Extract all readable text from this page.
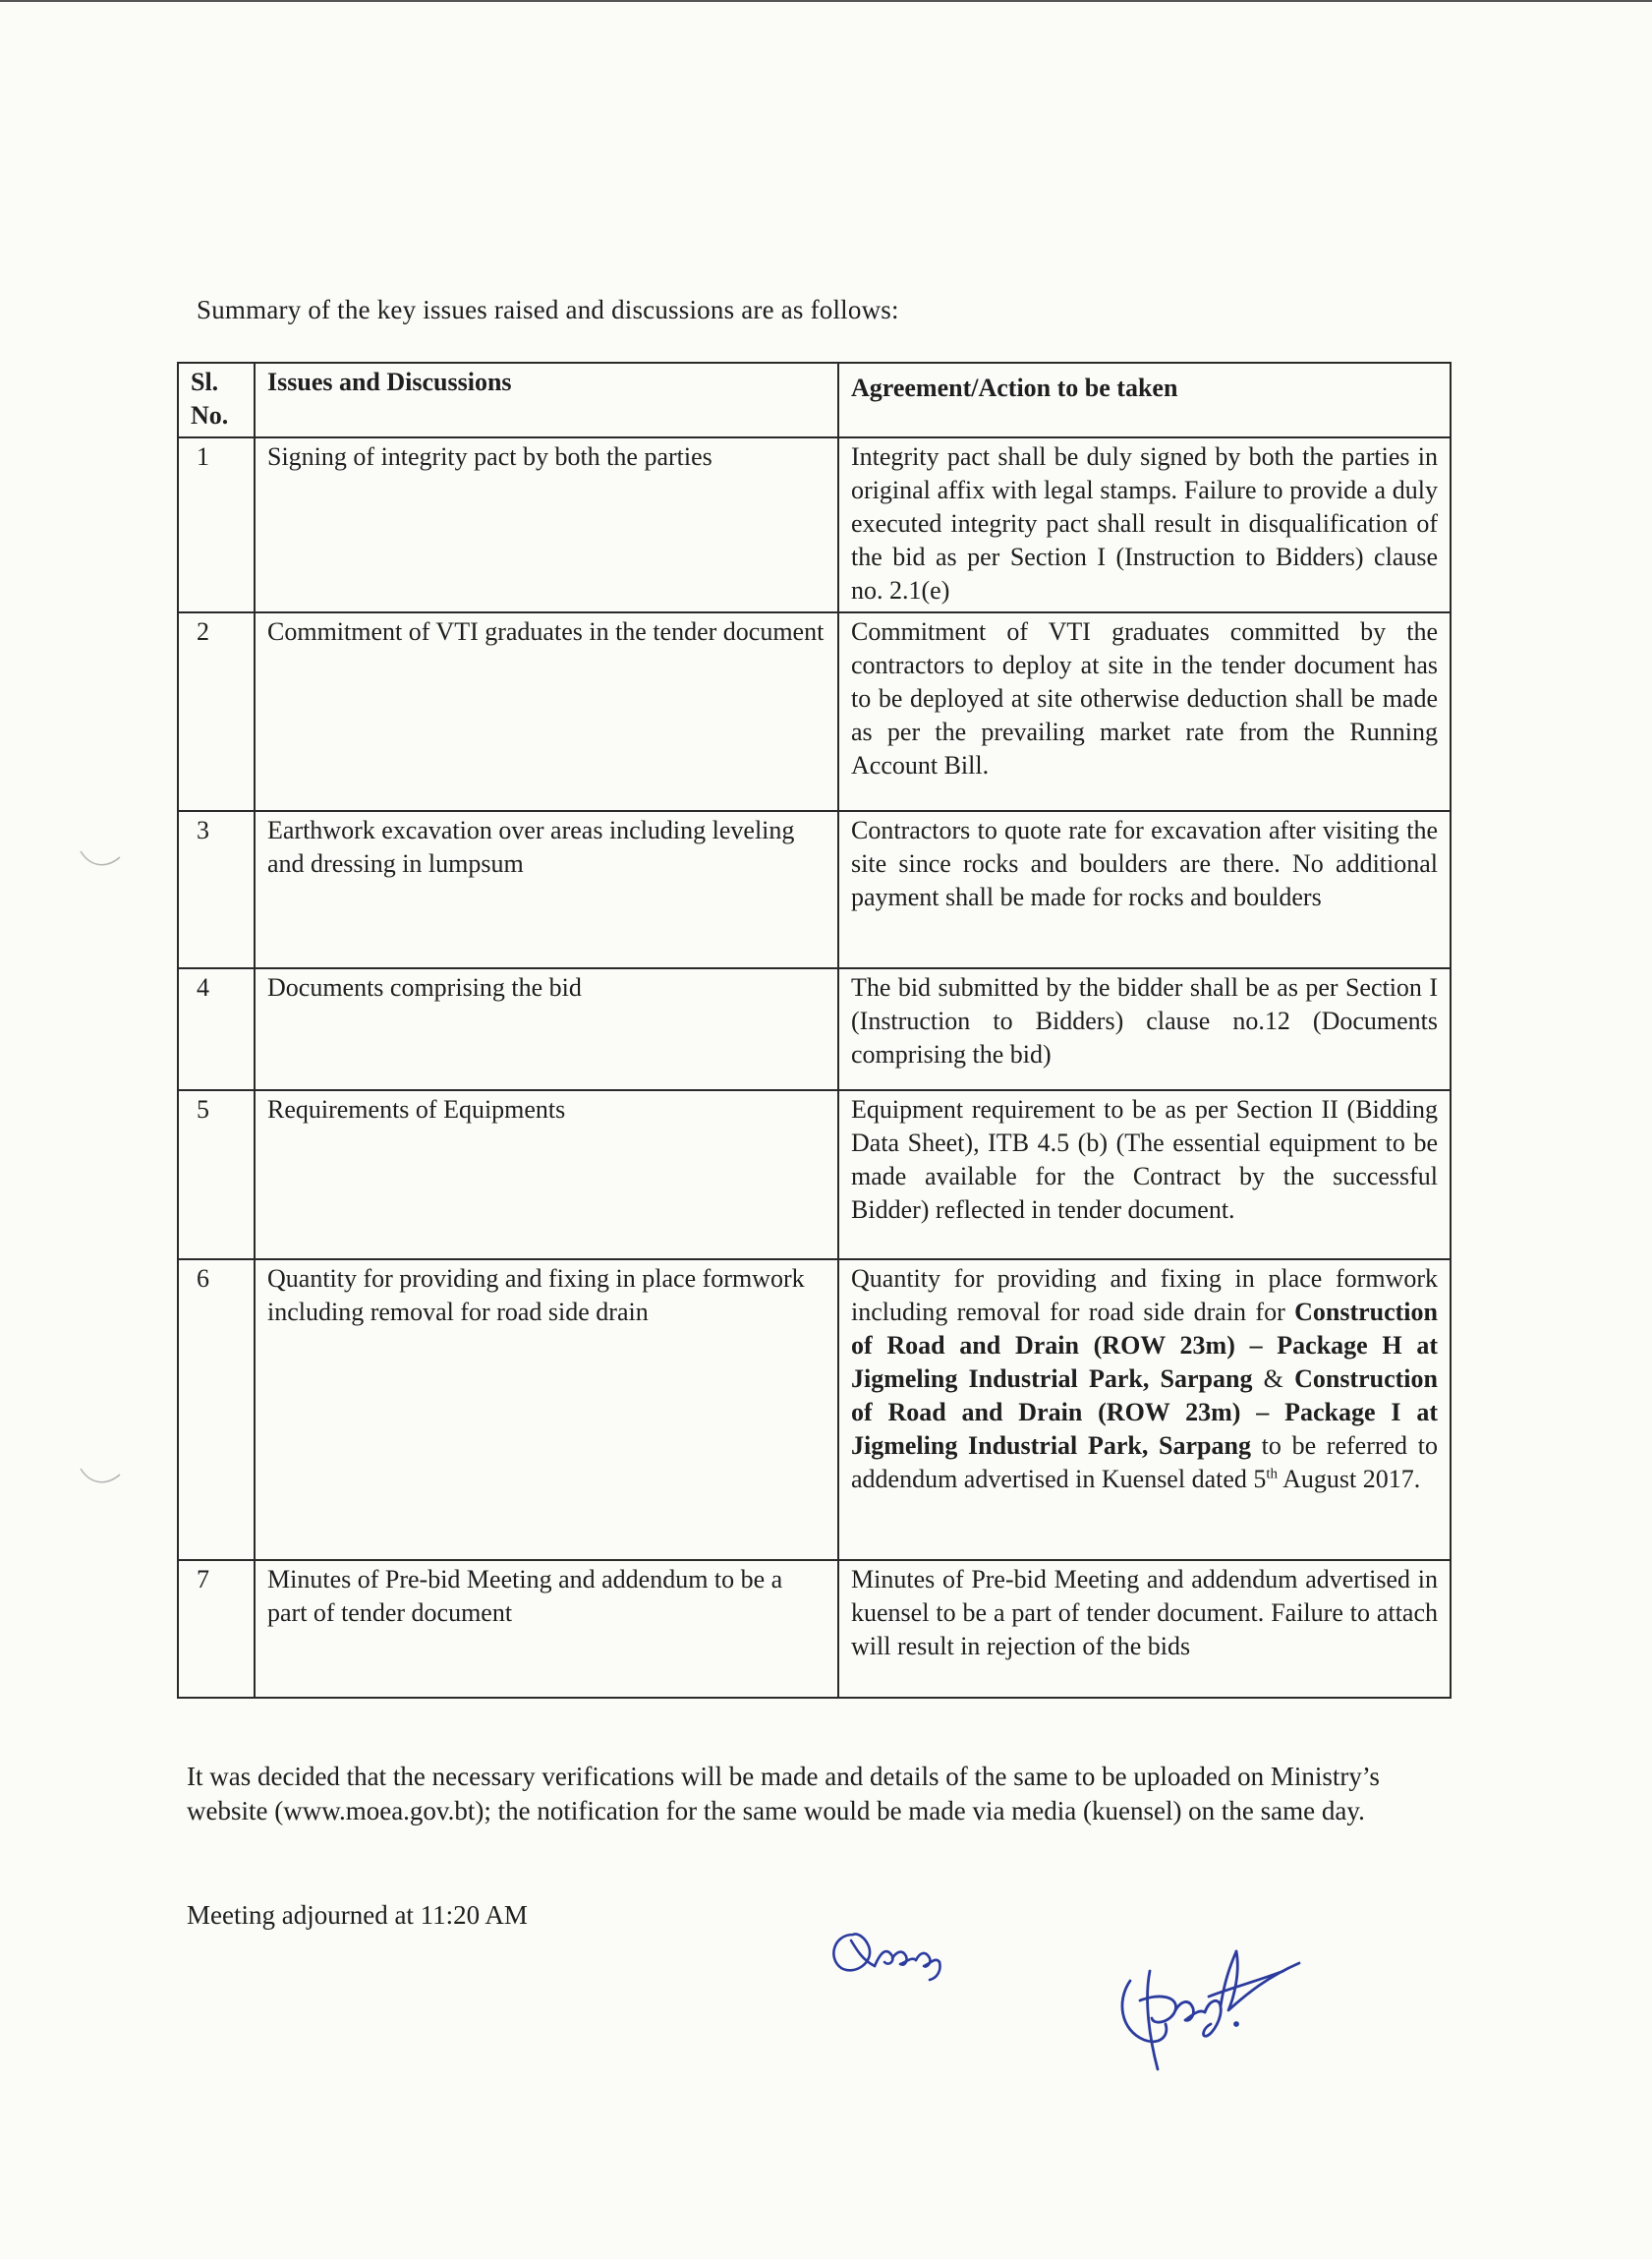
Summary of the key issues raised and discussions are as follows:
Sl. No.	Issues and Discussions	Agreement/Action to be taken
1	Signing of integrity pact by both the parties	Integrity pact shall be duly signed by both the parties in original affix with legal stamps. Failure to provide a duly executed integrity pact shall result in disqualification of the bid as per Section I (Instruction to Bidders) clause no. 2.1(e)
2	Commitment of VTI graduates in the tender document	Commitment of VTI graduates committed by the contractors to deploy at site in the tender document has to be deployed at site otherwise deduction shall be made as per the prevailing market rate from the Running Account Bill.
3	Earthwork excavation over areas including leveling and dressing in lumpsum	Contractors to quote rate for excavation after visiting the site since rocks and boulders are there. No additional payment shall be made for rocks and boulders
4	Documents comprising the bid	The bid submitted by the bidder shall be as per Section I (Instruction to Bidders) clause no.12 (Documents comprising the bid)
5	Requirements of Equipments	Equipment requirement to be as per Section II (Bidding Data Sheet), ITB 4.5 (b) (The essential equipment to be made available for the Contract by the successful Bidder) reflected in tender document.
6	Quantity for providing and fixing in place formwork including removal for road side drain	Quantity for providing and fixing in place formwork including removal for road side drain for Construction of Road and Drain (ROW 23m) – Package H at Jigmeling Industrial Park, Sarpang & Construction of Road and Drain (ROW 23m) – Package I at Jigmeling Industrial Park, Sarpang to be referred to addendum advertised in Kuensel dated 5th August 2017.
7	Minutes of Pre-bid Meeting and addendum to be a part of tender document	Minutes of Pre-bid Meeting and addendum advertised in kuensel to be a part of tender document. Failure to attach will result in rejection of the bids
It was decided that the necessary verifications will be made and details of the same to be uploaded on Ministry’s website (www.moea.gov.bt); the notification for the same would be made via media (kuensel) on the same day.
Meeting adjourned at 11:20 AM
